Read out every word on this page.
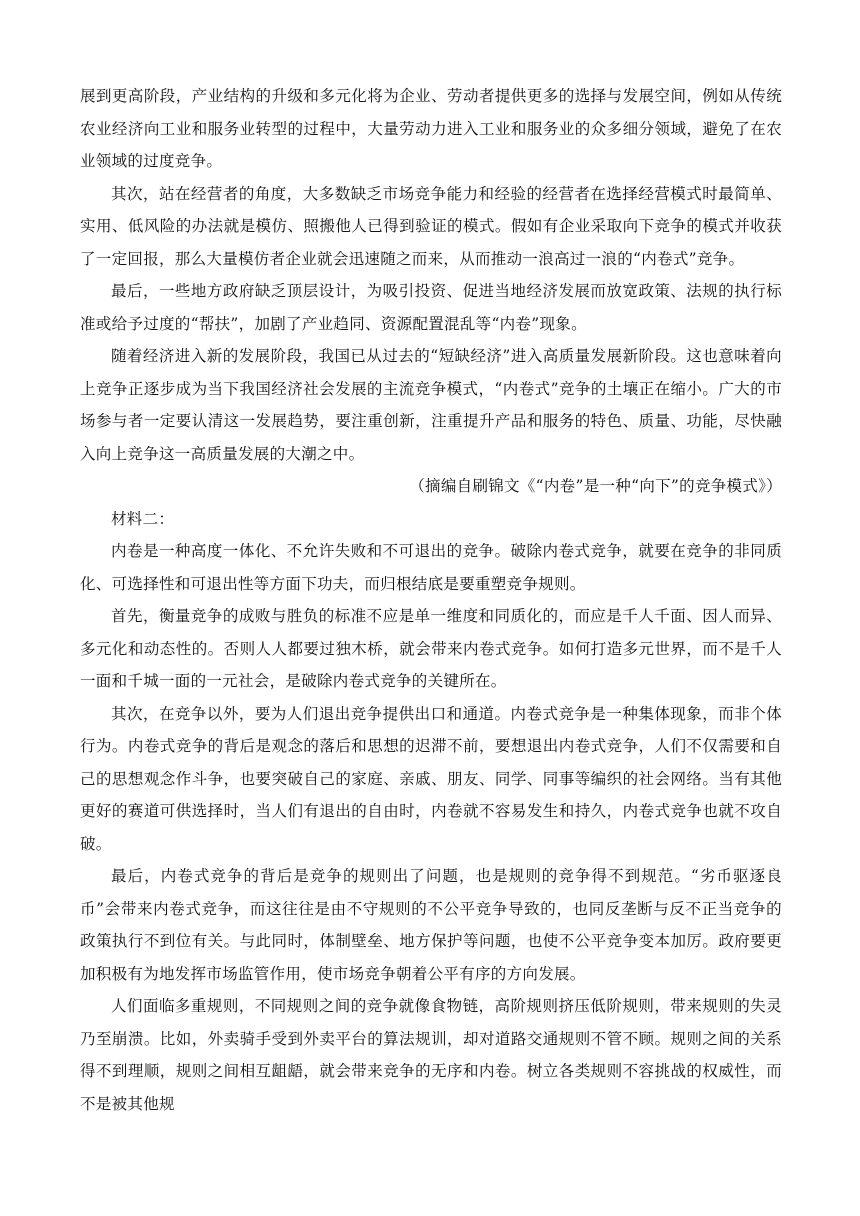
展到更高阶段，产业结构的升级和多元化将为企业、劳动者提供更多的选择与发展空间，例如从传统农业经济向工业和服务业转型的过程中，大量劳动力进入工业和服务业的众多细分领域，避免了在农业领域的过度竞争。

其次，站在经营者的角度，大多数缺乏市场竞争能力和经验的经营者在选择经营模式时最简单、实用、低风险的办法就是模仿、照搬他人已得到验证的模式。假如有企业采取向下竞争的模式并收获了一定回报，那么大量模仿者企业就会迅速随之而来，从而推动一浪高过一浪的“内卷式”竞争。

最后，一些地方政府缺乏顶层设计，为吸引投资、促进当地经济发展而放宽政策、法规的执行标准或给予过度的“帮扶”，加剧了产业趋同、资源配置混乱等“内卷”现象。

随着经济进入新的发展阶段，我国已从过去的“短缺经济”进入高质量发展新阶段。这也意味着向上竞争正逐步成为当下我国经济社会发展的主流竞争模式，“内卷式”竞争的土壤正在缩小。广大的市场参与者一定要认清这一发展趋势，要注重创新，注重提升产品和服务的特色、质量、功能，尽快融入向上竞争这一高质量发展的大潮之中。

（摘编自刷锦文《“内卷”是一种“向下”的竞争模式》）

材料二：

内卷是一种高度一体化、不允许失败和不可退出的竞争。破除内卷式竞争，就要在竞争的非同质化、可选择性和可退出性等方面下功夫，而归根结底是要重塑竞争规则。

首先，衡量竞争的成败与胜负的标准不应是单一维度和同质化的，而应是千人千面、因人而异、多元化和动态性的。否则人人都要过独木桥，就会带来内卷式竞争。如何打造多元世界，而不是千人一面和千城一面的一元社会，是破除内卷式竞争的关键所在。

其次，在竞争以外，要为人们退出竞争提供出口和通道。内卷式竞争是一种集体现象，而非个体行为。内卷式竞争的背后是观念的落后和思想的迟滞不前，要想退出内卷式竞争，人们不仅需要和自己的思想观念作斗争，也要突破自己的家庭、亲戚、朋友、同学、同事等编织的社会网络。当有其他更好的赛道可供选择时，当人们有退出的自由时，内卷就不容易发生和持久，内卷式竞争也就不攻自破。

最后，内卷式竞争的背后是竞争的规则出了问题，也是规则的竞争得不到规范。“劣币驱逐良币”会带来内卷式竞争，而这往往是由不守规则的不公平竞争导致的，也同反垄断与反不正当竞争的政策执行不到位有关。与此同时，体制壁垒、地方保护等问题，也使不公平竞争变本加厉。政府要更加积极有为地发挥市场监管作用，使市场竞争朝着公平有序的方向发展。

人们面临多重规则，不同规则之间的竞争就像食物链，高阶规则挤压低阶规则，带来规则的失灵乃至崩溃。比如，外卖骑手受到外卖平台的算法规训，却对道路交通规则不管不顾。规则之间的关系得不到理顺，规则之间相互龃龉，就会带来竞争的无序和内卷。树立各类规则不容挑战的权威性，而不是被其他规
